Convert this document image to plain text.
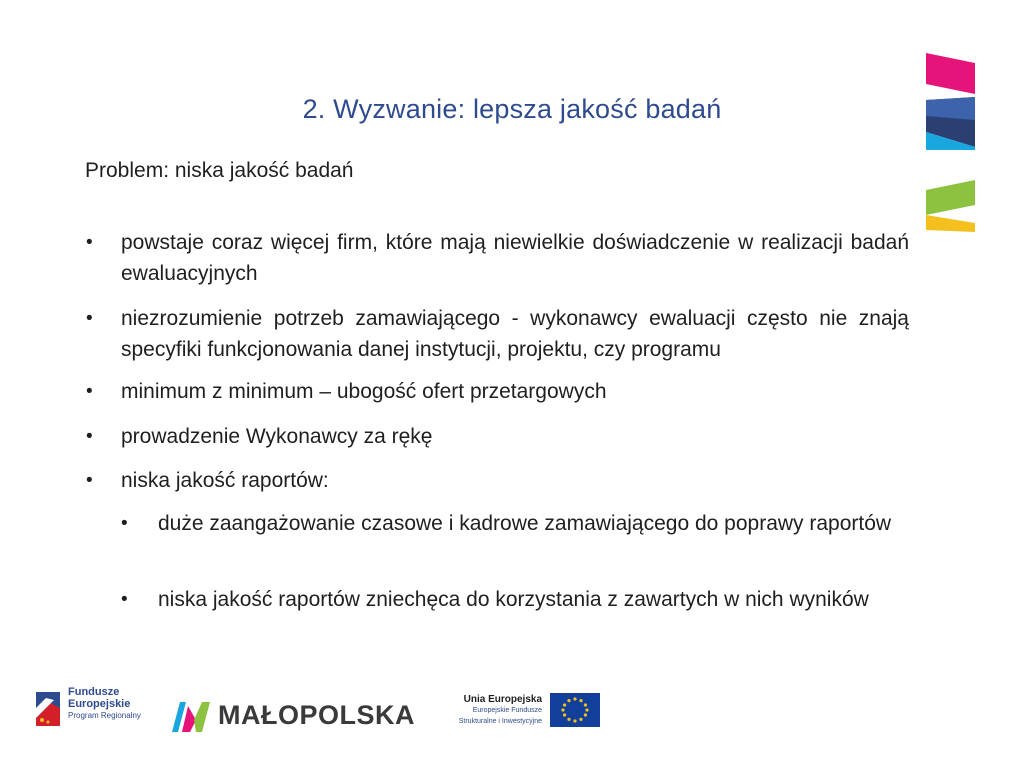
2. Wyzwanie: lepsza jakość badań
Problem: niska jakość badań
• powstaje coraz więcej firm, które mają niewielkie doświadczenie w realizacji badań ewaluacyjnych
• niezrozumienie potrzeb zamawiającego - wykonawcy ewaluacji często nie znają specyfiki funkcjonowania danej instytucji, projektu, czy programu
• minimum z minimum – ubogość ofert przetargowych
• prowadzenie Wykonawcy za rękę
• niska jakość raportów:
• duże zaangażowanie czasowe i kadrowe zamawiającego do poprawy raportów
• niska jakość raportów zniechęca do korzystania z zawartych w nich wyników
Fundusze
Europejskie
Program Regionalny	MAŁOPOLSKA
Unia Europejska
Europejskie Fundusze
Strukturalne i Inwestycyjne
